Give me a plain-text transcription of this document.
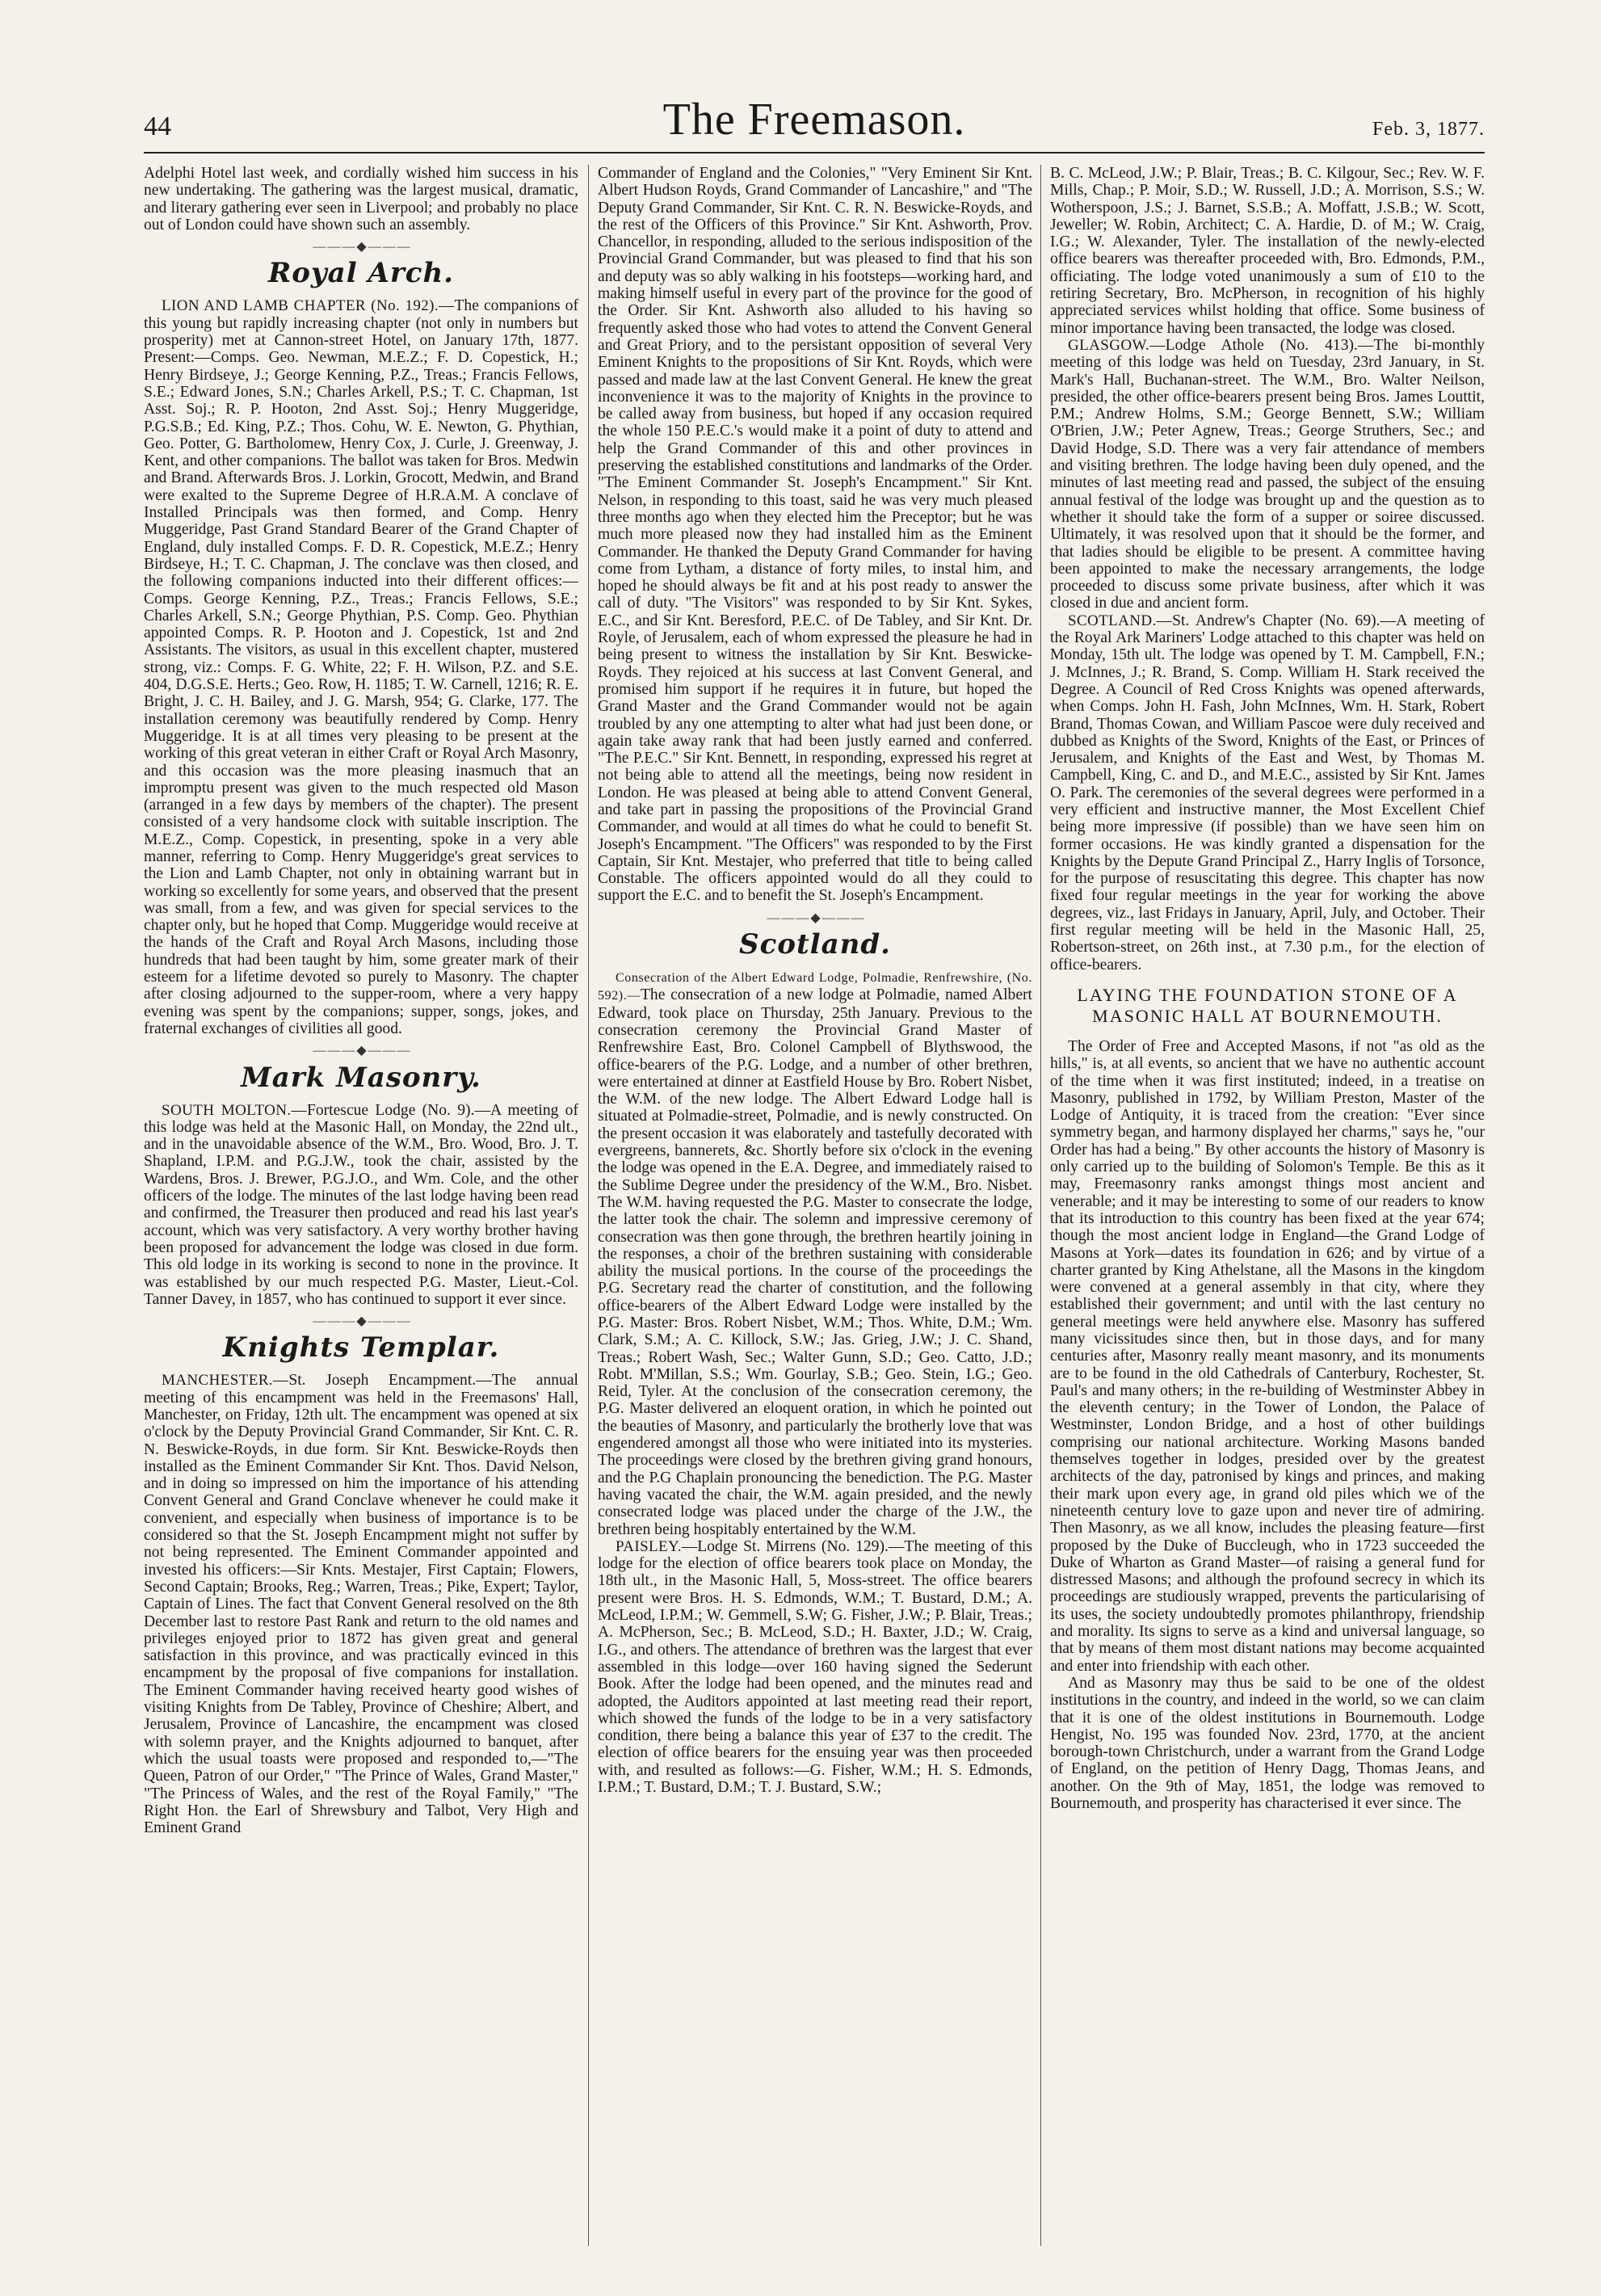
44	The Freemason.	Feb. 3, 1877.

Adelphi Hotel last week, and cordially wished him success in his new undertaking. The gathering was the largest musical, dramatic, and literary gathering ever seen in Liverpool; and probably no place out of London could have shown such an assembly.

— — — ◆ — — —
Royal Arch.

LION AND LAMB CHAPTER (No. 192).—The companions of this young but rapidly increasing chapter (not only in numbers but prosperity) met at Cannon-street Hotel, on January 17th, 1877. Present:—Comps. Geo. Newman, M.E.Z.; F. D. Copestick, H.; Henry Birdseye, J.; George Kenning, P.Z., Treas.; Francis Fellows, S.E.; Edward Jones, S.N.; Charles Arkell, P.S.; T. C. Chapman, 1st Asst. Soj.; R. P. Hooton, 2nd Asst. Soj.; Henry Muggeridge, P.G.S.B.; Ed. King, P.Z.; Thos. Cohu, W. E. Newton, G. Phythian, Geo. Potter, G. Bartholomew, Henry Cox, J. Curle, J. Greenway, J. Kent, and other companions. The ballot was taken for Bros. Medwin and Brand. Afterwards Bros. J. Lorkin, Grocott, Medwin, and Brand were exalted to the Supreme Degree of H.R.A.M. A conclave of Installed Principals was then formed, and Comp. Henry Muggeridge, Past Grand Standard Bearer of the Grand Chapter of England, duly installed Comps. F. D. R. Copestick, M.E.Z.; Henry Birdseye, H.; T. C. Chapman, J. The conclave was then closed, and the following companions inducted into their different offices:—Comps. George Kenning, P.Z., Treas.; Francis Fellows, S.E.; Charles Arkell, S.N.; George Phythian, P.S. Comp. Geo. Phythian appointed Comps. R. P. Hooton and J. Copestick, 1st and 2nd Assistants. The visitors, as usual in this excellent chapter, mustered strong, viz.: Comps. F. G. White, 22; F. H. Wilson, P.Z. and S.E. 404, D.G.S.E. Herts.; Geo. Row, H. 1185; T. W. Carnell, 1216; R. E. Bright, J. C. H. Bailey, and J. G. Marsh, 954; G. Clarke, 177. The installation ceremony was beautifully rendered by Comp. Henry Muggeridge. It is at all times very pleasing to be present at the working of this great veteran in either Craft or Royal Arch Masonry, and this occasion was the more pleasing inasmuch that an impromptu present was given to the much respected old Mason (arranged in a few days by members of the chapter). The present consisted of a very handsome clock with suitable inscription. The M.E.Z., Comp. Copestick, in presenting, spoke in a very able manner, referring to Comp. Henry Muggeridge's great services to the Lion and Lamb Chapter, not only in obtaining warrant but in working so excellently for some years, and observed that the present was small, from a few, and was given for special services to the chapter only, but he hoped that Comp. Muggeridge would receive at the hands of the Craft and Royal Arch Masons, including those hundreds that had been taught by him, some greater mark of their esteem for a lifetime devoted so purely to Masonry. The chapter after closing adjourned to the supper-room, where a very happy evening was spent by the companions; supper, songs, jokes, and fraternal exchanges of civilities all good.

— — — ◆ — — —
Mark Masonry.

SOUTH MOLTON.—Fortescue Lodge (No. 9).—A meeting of this lodge was held at the Masonic Hall, on Monday, the 22nd ult., and in the unavoidable absence of the W.M., Bro. Wood, Bro. J. T. Shapland, I.P.M. and P.G.J.W., took the chair, assisted by the Wardens, Bros. J. Brewer, P.G.J.O., and Wm. Cole, and the other officers of the lodge. The minutes of the last lodge having been read and confirmed, the Treasurer then produced and read his last year's account, which was very satisfactory. A very worthy brother having been proposed for advancement the lodge was closed in due form. This old lodge in its working is second to none in the province. It was established by our much respected P.G. Master, Lieut.-Col. Tanner Davey, in 1857, who has continued to support it ever since.

— — — ◆ — — —
Knights Templar.

MANCHESTER.—St. Joseph Encampment.—The annual meeting of this encampment was held in the Freemasons' Hall, Manchester, on Friday, 12th ult. The encampment was opened at six o'clock by the Deputy Provincial Grand Commander, Sir Knt. C. R. N. Beswicke-Royds, in due form. Sir Knt. Beswicke-Royds then installed as the Eminent Commander Sir Knt. Thos. David Nelson, and in doing so impressed on him the importance of his attending Convent General and Grand Conclave whenever he could make it convenient, and especially when business of importance is to be considered so that the St. Joseph Encampment might not suffer by not being represented. The Eminent Commander appointed and invested his officers:—Sir Knts. Mestajer, First Captain; Flowers, Second Captain; Brooks, Reg.; Warren, Treas.; Pike, Expert; Taylor, Captain of Lines. The fact that Convent General resolved on the 8th December last to restore Past Rank and return to the old names and privileges enjoyed prior to 1872 has given great and general satisfaction in this province, and was practically evinced in this encampment by the proposal of five companions for installation. The Eminent Commander having received hearty good wishes of visiting Knights from De Tabley, Province of Cheshire; Albert, and Jerusalem, Province of Lancashire, the encampment was closed with solemn prayer, and the Knights adjourned to banquet, after which the usual toasts were proposed and responded to,—"The Queen, Patron of our Order," "The Prince of Wales, Grand Master," "The Princess of Wales, and the rest of the Royal Family," "The Right Hon. the Earl of Shrewsbury and Talbot, Very High and Eminent Grand

Commander of England and the Colonies," "Very Eminent Sir Knt. Albert Hudson Royds, Grand Commander of Lancashire," and "The Deputy Grand Commander, Sir Knt. C. R. N. Beswicke-Royds, and the rest of the Officers of this Province." Sir Knt. Ashworth, Prov. Chancellor, in responding, alluded to the serious indisposition of the Provincial Grand Commander, but was pleased to find that his son and deputy was so ably walking in his footsteps—working hard, and making himself useful in every part of the province for the good of the Order. Sir Knt. Ashworth also alluded to his having so frequently asked those who had votes to attend the Convent General and Great Priory, and to the persistant opposition of several Very Eminent Knights to the propositions of Sir Knt. Royds, which were passed and made law at the last Convent General. He knew the great inconvenience it was to the majority of Knights in the province to be called away from business, but hoped if any occasion required the whole 150 P.E.C.'s would make it a point of duty to attend and help the Grand Commander of this and other provinces in preserving the established constitutions and landmarks of the Order. "The Eminent Commander St. Joseph's Encampment." Sir Knt. Nelson, in responding to this toast, said he was very much pleased three months ago when they elected him the Preceptor; but he was much more pleased now they had installed him as the Eminent Commander. He thanked the Deputy Grand Commander for having come from Lytham, a distance of forty miles, to instal him, and hoped he should always be fit and at his post ready to answer the call of duty. "The Visitors" was responded to by Sir Knt. Sykes, E.C., and Sir Knt. Beresford, P.E.C. of De Tabley, and Sir Knt. Dr. Royle, of Jerusalem, each of whom expressed the pleasure he had in being present to witness the installation by Sir Knt. Beswicke-Royds. They rejoiced at his success at last Convent General, and promised him support if he requires it in future, but hoped the Grand Master and the Grand Commander would not be again troubled by any one attempting to alter what had just been done, or again take away rank that had been justly earned and conferred. "The P.E.C." Sir Knt. Bennett, in responding, expressed his regret at not being able to attend all the meetings, being now resident in London. He was pleased at being able to attend Convent General, and take part in passing the propositions of the Provincial Grand Commander, and would at all times do what he could to benefit St. Joseph's Encampment. "The Officers" was responded to by the First Captain, Sir Knt. Mestajer, who preferred that title to being called Constable. The officers appointed would do all they could to support the E.C. and to benefit the St. Joseph's Encampment.

— — — ◆ — — —
Scotland.

Consecration of the Albert Edward Lodge, Polmadie, Renfrewshire, (No. 592).—The consecration of a new lodge at Polmadie, named Albert Edward, took place on Thursday, 25th January. Previous to the consecration ceremony the Provincial Grand Master of Renfrewshire East, Bro. Colonel Campbell of Blythswood, the office-bearers of the P.G. Lodge, and a number of other brethren, were entertained at dinner at Eastfield House by Bro. Robert Nisbet, the W.M. of the new lodge. The Albert Edward Lodge hall is situated at Polmadie-street, Polmadie, and is newly constructed. On the present occasion it was elaborately and tastefully decorated with evergreens, bannerets, &c. Shortly before six o'clock in the evening the lodge was opened in the E.A. Degree, and immediately raised to the Sublime Degree under the presidency of the W.M., Bro. Nisbet. The W.M. having requested the P.G. Master to consecrate the lodge, the latter took the chair. The solemn and impressive ceremony of consecration was then gone through, the brethren heartily joining in the responses, a choir of the brethren sustaining with considerable ability the musical portions. In the course of the proceedings the P.G. Secretary read the charter of constitution, and the following office-bearers of the Albert Edward Lodge were installed by the P.G. Master: Bros. Robert Nisbet, W.M.; Thos. White, D.M.; Wm. Clark, S.M.; A. C. Killock, S.W.; Jas. Grieg, J.W.; J. C. Shand, Treas.; Robert Wash, Sec.; Walter Gunn, S.D.; Geo. Catto, J.D.; Robt. M'Millan, S.S.; Wm. Gourlay, S.B.; Geo. Stein, I.G.; Geo. Reid, Tyler. At the conclusion of the consecration ceremony, the P.G. Master delivered an eloquent oration, in which he pointed out the beauties of Masonry, and particularly the brotherly love that was engendered amongst all those who were initiated into its mysteries. The proceedings were closed by the brethren giving grand honours, and the P.G Chaplain pronouncing the benediction. The P.G. Master having vacated the chair, the W.M. again presided, and the newly consecrated lodge was placed under the charge of the J.W., the brethren being hospitably entertained by the W.M.

PAISLEY.—Lodge St. Mirrens (No. 129).—The meeting of this lodge for the election of office bearers took place on Monday, the 18th ult., in the Masonic Hall, 5, Moss-street. The office bearers present were Bros. H. S. Edmonds, W.M.; T. Bustard, D.M.; A. McLeod, I.P.M.; W. Gemmell, S.W; G. Fisher, J.W.; P. Blair, Treas.; A. McPherson, Sec.; B. McLeod, S.D.; H. Baxter, J.D.; W. Craig, I.G., and others. The attendance of brethren was the largest that ever assembled in this lodge—over 160 having signed the Sederunt Book. After the lodge had been opened, and the minutes read and adopted, the Auditors appointed at last meeting read their report, which showed the funds of the lodge to be in a very satisfactory condition, there being a balance this year of £37 to the credit. The election of office bearers for the ensuing year was then proceeded with, and resulted as follows:—G. Fisher, W.M.; H. S. Edmonds, I.P.M.; T. Bustard, D.M.; T. J. Bustard, S.W.;

B. C. McLeod, J.W.; P. Blair, Treas.; B. C. Kilgour, Sec.; Rev. W. F. Mills, Chap.; P. Moir, S.D.; W. Russell, J.D.; A. Morrison, S.S.; W. Wotherspoon, J.S.; J. Barnet, S.S.B.; A. Moffatt, J.S.B.; W. Scott, Jeweller; W. Robin, Architect; C. A. Hardie, D. of M.; W. Craig, I.G.; W. Alexander, Tyler. The installation of the newly-elected office bearers was thereafter proceeded with, Bro. Edmonds, P.M., officiating. The lodge voted unanimously a sum of £10 to the retiring Secretary, Bro. McPherson, in recognition of his highly appreciated services whilst holding that office. Some business of minor importance having been transacted, the lodge was closed.

GLASGOW.—Lodge Athole (No. 413).—The bi-monthly meeting of this lodge was held on Tuesday, 23rd January, in St. Mark's Hall, Buchanan-street. The W.M., Bro. Walter Neilson, presided, the other office-bearers present being Bros. James Louttit, P.M.; Andrew Holms, S.M.; George Bennett, S.W.; William O'Brien, J.W.; Peter Agnew, Treas.; George Struthers, Sec.; and David Hodge, S.D. There was a very fair attendance of members and visiting brethren. The lodge having been duly opened, and the minutes of last meeting read and passed, the subject of the ensuing annual festival of the lodge was brought up and the question as to whether it should take the form of a supper or soiree discussed. Ultimately, it was resolved upon that it should be the former, and that ladies should be eligible to be present. A committee having been appointed to make the necessary arrangements, the lodge proceeded to discuss some private business, after which it was closed in due and ancient form.

SCOTLAND.—St. Andrew's Chapter (No. 69).—A meeting of the Royal Ark Mariners' Lodge attached to this chapter was held on Monday, 15th ult. The lodge was opened by T. M. Campbell, F.N.; J. McInnes, J.; R. Brand, S. Comp. William H. Stark received the Degree. A Council of Red Cross Knights was opened afterwards, when Comps. John H. Fash, John McInnes, Wm. H. Stark, Robert Brand, Thomas Cowan, and William Pascoe were duly received and dubbed as Knights of the Sword, Knights of the East, or Princes of Jerusalem, and Knights of the East and West, by Thomas M. Campbell, King, C. and D., and M.E.C., assisted by Sir Knt. James O. Park. The ceremonies of the several degrees were performed in a very efficient and instructive manner, the Most Excellent Chief being more impressive (if possible) than we have seen him on former occasions. He was kindly granted a dispensation for the Knights by the Depute Grand Principal Z., Harry Inglis of Torsonce, for the purpose of resuscitating this degree. This chapter has now fixed four regular meetings in the year for working the above degrees, viz., last Fridays in January, April, July, and October. Their first regular meeting will be held in the Masonic Hall, 25, Robertson-street, on 26th inst., at 7.30 p.m., for the election of office-bearers.

LAYING THE FOUNDATION STONE OF A MASONIC HALL AT BOURNEMOUTH.

The Order of Free and Accepted Masons, if not "as old as the hills," is, at all events, so ancient that we have no authentic account of the time when it was first instituted; indeed, in a treatise on Masonry, published in 1792, by William Preston, Master of the Lodge of Antiquity, it is traced from the creation: "Ever since symmetry began, and harmony displayed her charms," says he, "our Order has had a being." By other accounts the history of Masonry is only carried up to the building of Solomon's Temple. Be this as it may, Freemasonry ranks amongst things most ancient and venerable; and it may be interesting to some of our readers to know that its introduction to this country has been fixed at the year 674; though the most ancient lodge in England—the Grand Lodge of Masons at York—dates its foundation in 626; and by virtue of a charter granted by King Athelstane, all the Masons in the kingdom were convened at a general assembly in that city, where they established their government; and until with the last century no general meetings were held anywhere else. Masonry has suffered many vicissitudes since then, but in those days, and for many centuries after, Masonry really meant masonry, and its monuments are to be found in the old Cathedrals of Canterbury, Rochester, St. Paul's and many others; in the re-building of Westminster Abbey in the eleventh century; in the Tower of London, the Palace of Westminster, London Bridge, and a host of other buildings comprising our national architecture. Working Masons banded themselves together in lodges, presided over by the greatest architects of the day, patronised by kings and princes, and making their mark upon every age, in grand old piles which we of the nineteenth century love to gaze upon and never tire of admiring. Then Masonry, as we all know, includes the pleasing feature—first proposed by the Duke of Buccleugh, who in 1723 succeeded the Duke of Wharton as Grand Master—of raising a general fund for distressed Masons; and although the profound secrecy in which its proceedings are studiously wrapped, prevents the particularising of its uses, the society undoubtedly promotes philanthropy, friendship and morality. Its signs to serve as a kind and universal language, so that by means of them most distant nations may become acquainted and enter into friendship with each other.

And as Masonry may thus be said to be one of the oldest institutions in the country, and indeed in the world, so we can claim that it is one of the oldest institutions in Bournemouth. Lodge Hengist, No. 195 was founded Nov. 23rd, 1770, at the ancient borough-town Christchurch, under a warrant from the Grand Lodge of England, on the petition of Henry Dagg, Thomas Jeans, and another. On the 9th of May, 1851, the lodge was removed to Bournemouth, and prosperity has characterised it ever since. The
